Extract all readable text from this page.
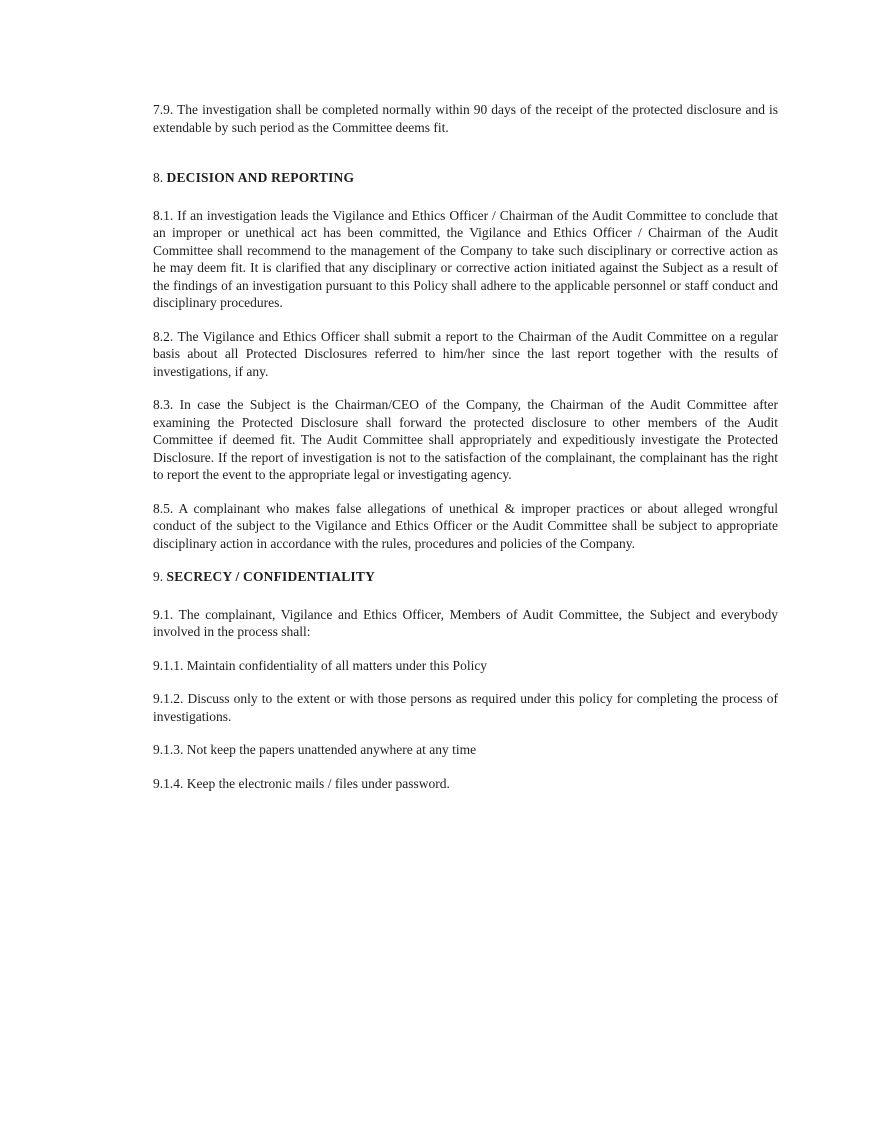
7.9. The investigation shall be completed normally within 90 days of the receipt of the protected disclosure and is extendable by such period as the Committee deems fit.

8. DECISION AND REPORTING

8.1. If an investigation leads the Vigilance and Ethics Officer / Chairman of the Audit Committee to conclude that an improper or unethical act has been committed, the Vigilance and Ethics Officer / Chairman of the Audit Committee shall recommend to the management of the Company to take such disciplinary or corrective action as he may deem fit. It is clarified that any disciplinary or corrective action initiated against the Subject as a result of the findings of an investigation pursuant to this Policy shall adhere to the applicable personnel or staff conduct and disciplinary procedures.

8.2. The Vigilance and Ethics Officer shall submit a report to the Chairman of the Audit Committee on a regular basis about all Protected Disclosures referred to him/her since the last report together with the results of investigations, if any.

8.3. In case the Subject is the Chairman/CEO of the Company, the Chairman of the Audit Committee after examining the Protected Disclosure shall forward the protected disclosure to other members of the Audit Committee if deemed fit. The Audit Committee shall appropriately and expeditiously investigate the Protected Disclosure. If the report of investigation is not to the satisfaction of the complainant, the complainant has the right to report the event to the appropriate legal or investigating agency.

8.5. A complainant who makes false allegations of unethical & improper practices or about alleged wrongful conduct of the subject to the Vigilance and Ethics Officer or the Audit Committee shall be subject to appropriate disciplinary action in accordance with the rules, procedures and policies of the Company.

9. SECRECY / CONFIDENTIALITY

9.1. The complainant, Vigilance and Ethics Officer, Members of Audit Committee, the Subject and everybody involved in the process shall:

9.1.1. Maintain confidentiality of all matters under this Policy

9.1.2. Discuss only to the extent or with those persons as required under this policy for completing the process of investigations.

9.1.3. Not keep the papers unattended anywhere at any time

9.1.4. Keep the electronic mails / files under password.
